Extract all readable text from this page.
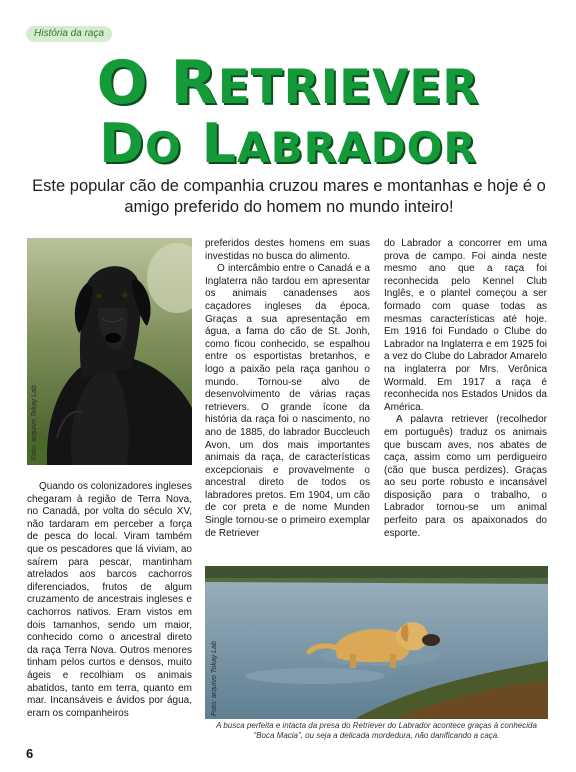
História da raça
O RETRIEVER
DO LABRADOR
Este popular cão de companhia cruzou mares e montanhas e hoje é o amigo preferido do homem no mundo inteiro!
Foto: arquivo Tokay Lab

Quando os colonizadores ingleses chegaram à região de Terra Nova, no Canadá, por volta do século XV, não tardaram em perceber a força de pesca do local. Viram também que os pescadores que lá viviam, ao saírem para pescar, mantinham atrelados aos barcos cachorros diferenciados, frutos de algum cruzamento de ancestrais ingleses e cachorros nativos. Eram vistos em dois tamanhos, sendo um maior, conhecido como o ancestral direto da raça Terra Nova. Outros menores tinham pelos curtos e densos, muito ágeis e recolhiam os animais abatidos, tanto em terra, quanto em mar. Incansáveis e ávidos por água, eram os companheiros

preferidos destes homens em suas investidas no busca do alimento.

O intercâmbio entre o Canadá e a Inglaterra não tardou em apresentar os animais canadenses aos caçadores ingleses da época. Graças a sua apresentação em água, a fama do cão de St. Jonh, como ficou conhecido, se espalhou entre os esportistas bretanhos, e logo a paixão pela raça ganhou o mundo. Tornou-se alvo de desenvolvimento de várias raças retrievers. O grande ícone da história da raça foi o nascimento, no ano de 1885, do labrador Buccleuch Avon, um dos mais importantes animais da raça, de características excepcionais e provavelmente o ancestral direto de todos os labradores pretos. Em 1904, um cão de cor preta e de nome Munden Single tornou-se o primeiro exemplar de Retriever

do Labrador a concorrer em uma prova de campo. Foi ainda neste mesmo ano que a raça foi reconhecida pelo Kennel Club Inglês, e o plantel começou a ser formado com quase todas as mesmas características até hoje. Em 1916 foi Fundado o Clube do Labrador na Inglaterra e em 1925 foi a vez do Clube do Labrador Amarelo na inglaterra por Mrs. Verônica Wormald. Em 1917 a raça é reconhecida nos Estados Unidos da América.

A palavra retriever (recolhedor em português) traduz os animais que buscam aves, nos abates de caça, assim como um perdigueiro (cão que busca perdizes). Graças ao seu porte robusto e incansável disposição para o trabalho, o Labrador tornou-se um animal perfeito para os apaixonados do esporte.

Foto: arquivo Tokay Lab
A busca perfeita e intacta da presa do Retriever do Labrador acontece graças à conhecida “Boca Macia”, ou seja a delicada mordedura, não danificando a caça.
6
